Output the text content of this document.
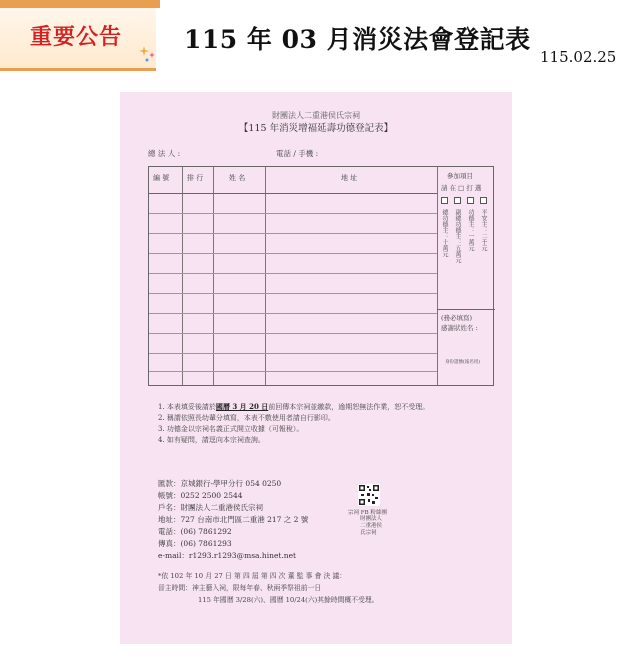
重要公告 115 年 03 月消災法會登記表
115.02.25
財團法人二重港侯氏宗祠
【115 年消災增福延壽功德登記表】
總 法 人 :	電話 / 手機 :
編 號	排 行	姓 名	地 址	參加項目
請 在 □ 打 選
總功德主：十萬元 副總功德主：五萬元 功德主：一萬元 平安主：二千元
(務必填寫)
感謝狀姓名 :
身份證號(報名用)
1. 本表填妥後請於國曆 3 月 20 日前回傳本宗祠並繳款，逾期恕無法作業，恕不受理。
2. 稱謂依照長幼輩分填寫，本表不敷使用者請自行影印。
3. 功德金以宗祠名義正式開立收據（可報稅）。
4. 如有疑問，請逕向本宗祠查詢。
匯款：京城銀行-學甲分行 054 0250
帳號：0252 2500 2544
戶名：財團法人二重港侯氏宗祠
地址：727 台南市北門區二重港 217 之 2 號
電話：(06) 7861292
傳真：(06) 7861293
e-mail：r1293.r1293@msa.hinet.net
宗祠 FB 粉絲團
財團法人二重港侯氏宗祠
*依 102 年 10 月 27 日 第 四 屆 第 四 次 董 監 事 會 決 議：
晉主時間：神主藝入祠，限每年春、秋兩季祭祖前一日
115 年國曆 3/28(六)、國曆 10/24(六)其餘時間概不受理。
